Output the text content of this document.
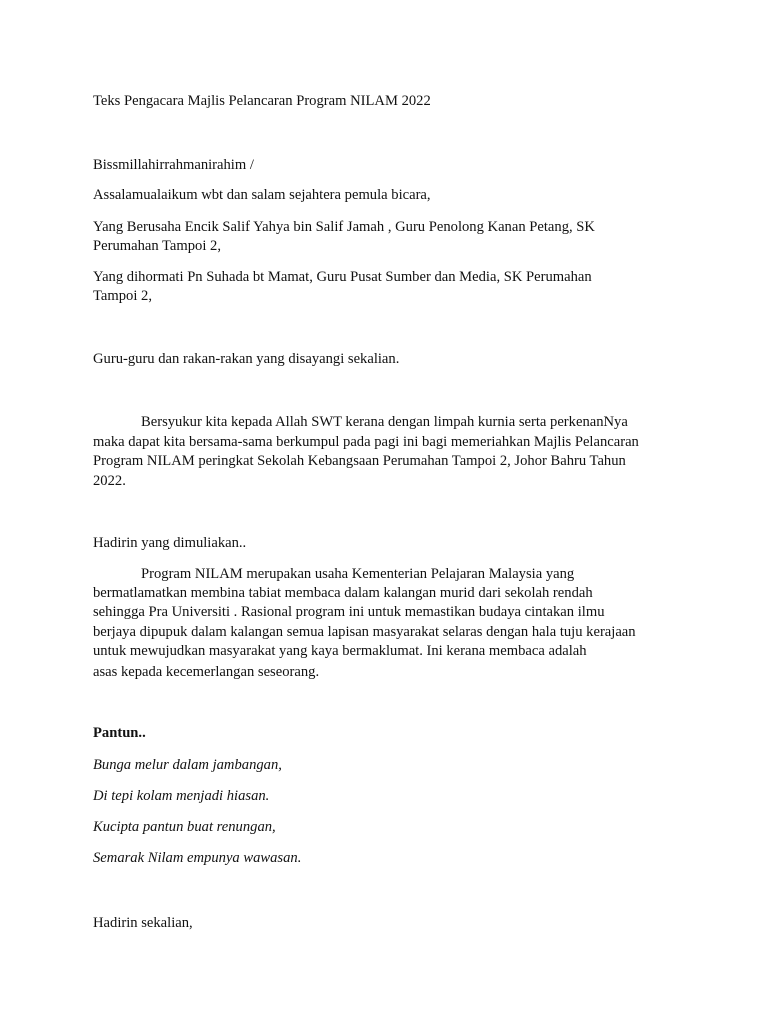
Teks Pengacara Majlis Pelancaran Program NILAM 2022
Bissmillahirrahmanirahim /
Assalamualaikum wbt dan salam sejahtera pemula bicara,
Yang Berusaha Encik Salif Yahya bin Salif Jamah , Guru Penolong Kanan Petang, SK
Perumahan Tampoi 2,
Yang dihormati Pn Suhada bt Mamat, Guru Pusat Sumber dan Media, SK Perumahan
Tampoi 2,
Guru-guru dan rakan-rakan yang disayangi sekalian.
Bersyukur kita kepada Allah SWT kerana dengan limpah kurnia serta perkenanNya
maka dapat kita bersama-sama berkumpul pada pagi ini bagi memeriahkan Majlis Pelancaran
Program NILAM peringkat Sekolah Kebangsaan Perumahan Tampoi 2, Johor Bahru Tahun
2022.
Hadirin yang dimuliakan..
Program NILAM merupakan usaha Kementerian Pelajaran Malaysia yang
bermatlamatkan membina tabiat membaca dalam kalangan murid dari sekolah rendah
sehingga Pra Universiti . Rasional program ini untuk memastikan budaya cintakan ilmu
berjaya dipupuk dalam kalangan semua lapisan masyarakat selaras dengan hala tuju kerajaan
untuk mewujudkan masyarakat yang kaya bermaklumat. Ini kerana membaca adalah
asas kepada kecemerlangan seseorang.
Pantun..
Bunga melur dalam jambangan,
Di tepi kolam menjadi hiasan.
Kucipta pantun buat renungan,
Semarak Nilam empunya wawasan.
Hadirin sekalian,
